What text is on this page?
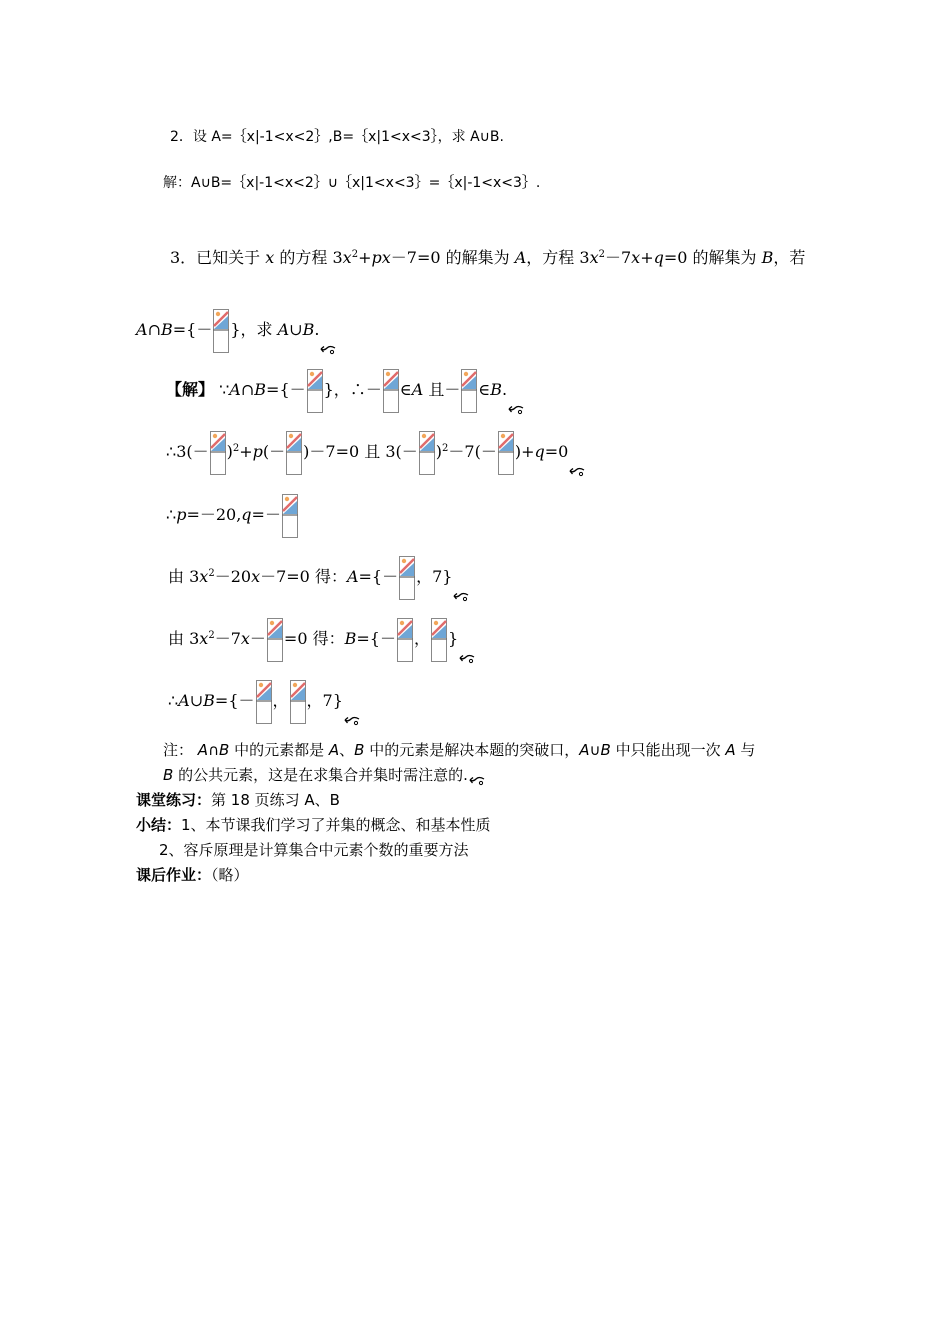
2．设 A=｛x|-1<x<2｝,B=｛x|1<x<3｝，求 A∪B.
解：A∪B=｛x|-1<x<2｝∪｛x|1<x<3｝=｛x|-1<x<3｝.
3．已知关于 x 的方程 $3x^2+px-7=0$ 的解集为 A，方程 $3x^2-7x+q=0$ 的解集为 B，若
A∩B={－ }，求 A∪B.
【解】 ∵A∩B={－ }，∴－ ∈A 且－ ∈B.
∴3(－ )$^2$+p(－ )－7=0 且 $3(- )^2-7(- )+q=0$
∴p=－20,q=－
由 $3x^2-20x-7=0$ 得：A={－ ，7}
由 $3x^2-7x- =0$ 得：B={－ ， }
∴A∪B={－ ， ，7}
注： A∩B 中的元素都是 A、B 中的元素是解决本题的突破口，A∪B 中只能出现一次 A 与
B 的公共元素，这是在求集合并集时需注意的.
课堂练习：第 18 页练习 A、B
小结：1、本节课我们学习了并集的概念、和基本性质
2、容斥原理是计算集合中元素个数的重要方法
课后作业：（略）
